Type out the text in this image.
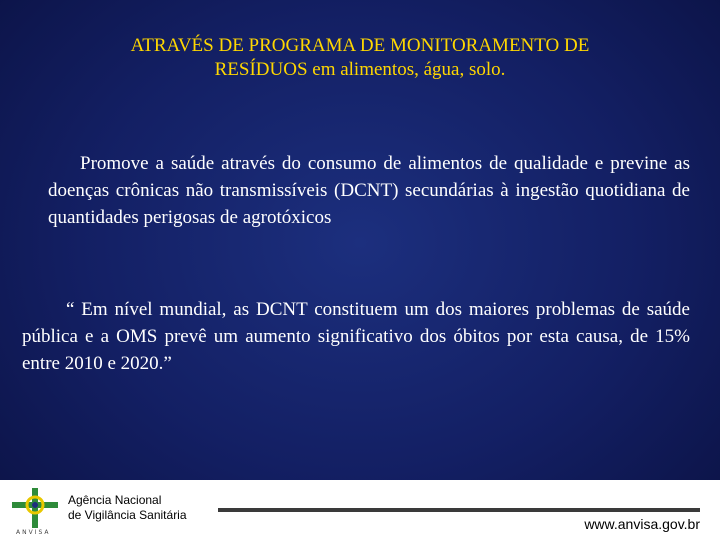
ATRAVÉS DE PROGRAMA DE MONITORAMENTO DE
RESÍDUOS em alimentos, água, solo.

Promove a saúde através do consumo de alimentos de qualidade e previne as doenças crônicas não transmissíveis (DCNT) secundárias à ingestão quotidiana de quantidades perigosas de agrotóxicos

“ Em nível mundial, as DCNT constituem um dos maiores problemas de saúde pública e a OMS prevê um aumento significativo dos óbitos por esta causa, de 15% entre 2010 e 2020.”

ANVISA
Agência Nacional
de Vigilância Sanitária
www.anvisa.gov.br
